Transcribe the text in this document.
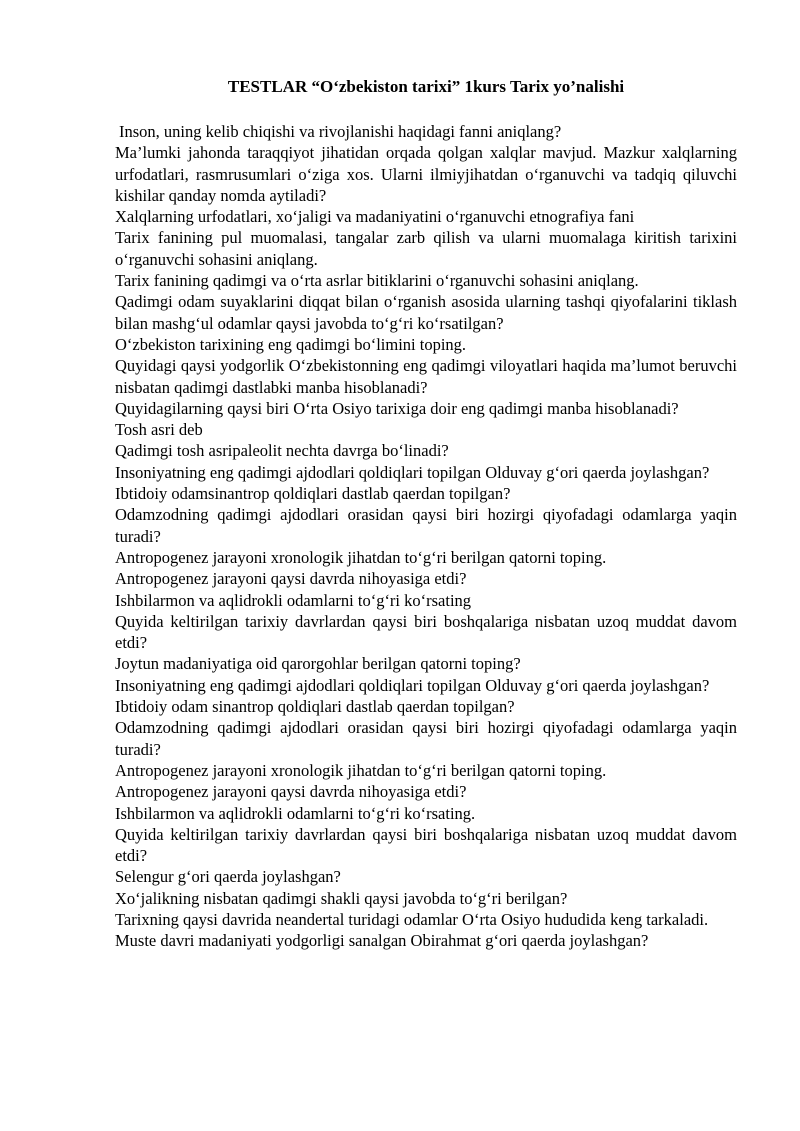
TESTLAR “O‘zbekiston tarixi” 1kurs Tarix yo’nalishi

Inson, uning kelib chiqishi va rivojlanishi haqidagi fanni aniqlang?

Ma’lumki jahonda taraqqiyot jihatidan orqada qolgan xalqlar mavjud. Mazkur xalqlarning urfodatlari, rasmrusumlari o‘ziga xos. Ularni ilmiyjihatdan o‘rganuvchi va tadqiq qiluvchi kishilar qanday nomda aytiladi?

Xalqlarning urfodatlari, xo‘jaligi va madaniyatini o‘rganuvchi etnografiya fani

Tarix fanining pul muomalasi, tangalar zarb qilish va ularni muomalaga kiritish tarixini o‘rganuvchi sohasini aniqlang.

Tarix fanining qadimgi va o‘rta asrlar bitiklarini o‘rganuvchi sohasini aniqlang.

Qadimgi odam suyaklarini diqqat bilan o‘rganish asosida ularning tashqi qiyofalarini tiklash bilan mashg‘ul odamlar qaysi javobda to‘g‘ri ko‘rsatilgan?

O‘zbekiston tarixining eng qadimgi bo‘limini toping.

Quyidagi qaysi yodgorlik O‘zbekistonning eng qadimgi viloyatlari haqida ma’lumot beruvchi nisbatan qadimgi dastlabki manba hisoblanadi?

Quyidagilarning qaysi biri O‘rta Osiyo tarixiga doir eng qadimgi manba hisoblanadi?

Tosh asri deb

Qadimgi tosh asripaleolit nechta davrga bo‘linadi?

Insoniyatning eng qadimgi ajdodlari qoldiqlari topilgan Olduvay g‘ori qaerda joylashgan?

Ibtidoiy odamsinantrop qoldiqlari dastlab qaerdan topilgan?

Odamzodning qadimgi ajdodlari orasidan qaysi biri hozirgi qiyofadagi odamlarga yaqin turadi?

Antropogenez jarayoni xronologik jihatdan to‘g‘ri berilgan qatorni toping.

Antropogenez jarayoni qaysi davrda nihoyasiga etdi?

Ishbilarmon va aqlidrokli odamlarni to‘g‘ri ko‘rsating

Quyida keltirilgan tarixiy davrlardan qaysi biri boshqalariga nisbatan uzoq muddat davom etdi?

Joytun madaniyatiga oid qarorgohlar berilgan qatorni toping?

Insoniyatning eng qadimgi ajdodlari qoldiqlari topilgan Olduvay g‘ori qaerda joylashgan?

Ibtidoiy odam sinantrop qoldiqlari dastlab qaerdan topilgan?

Odamzodning qadimgi ajdodlari orasidan qaysi biri hozirgi qiyofadagi odamlarga yaqin turadi?

Antropogenez jarayoni xronologik jihatdan to‘g‘ri berilgan qatorni toping.

Antropogenez jarayoni qaysi davrda nihoyasiga etdi?

Ishbilarmon va aqlidrokli odamlarni to‘g‘ri ko‘rsating.

Quyida keltirilgan tarixiy davrlardan qaysi biri boshqalariga nisbatan uzoq muddat davom etdi?

Selengur g‘ori qaerda joylashgan?

Xo‘jalikning nisbatan qadimgi shakli qaysi javobda to‘g‘ri berilgan?

Tarixning qaysi davrida neandertal turidagi odamlar O‘rta Osiyo hududida keng tarkaladi.

Muste davri madaniyati yodgorligi sanalgan Obirahmat g‘ori qaerda joylashgan?
